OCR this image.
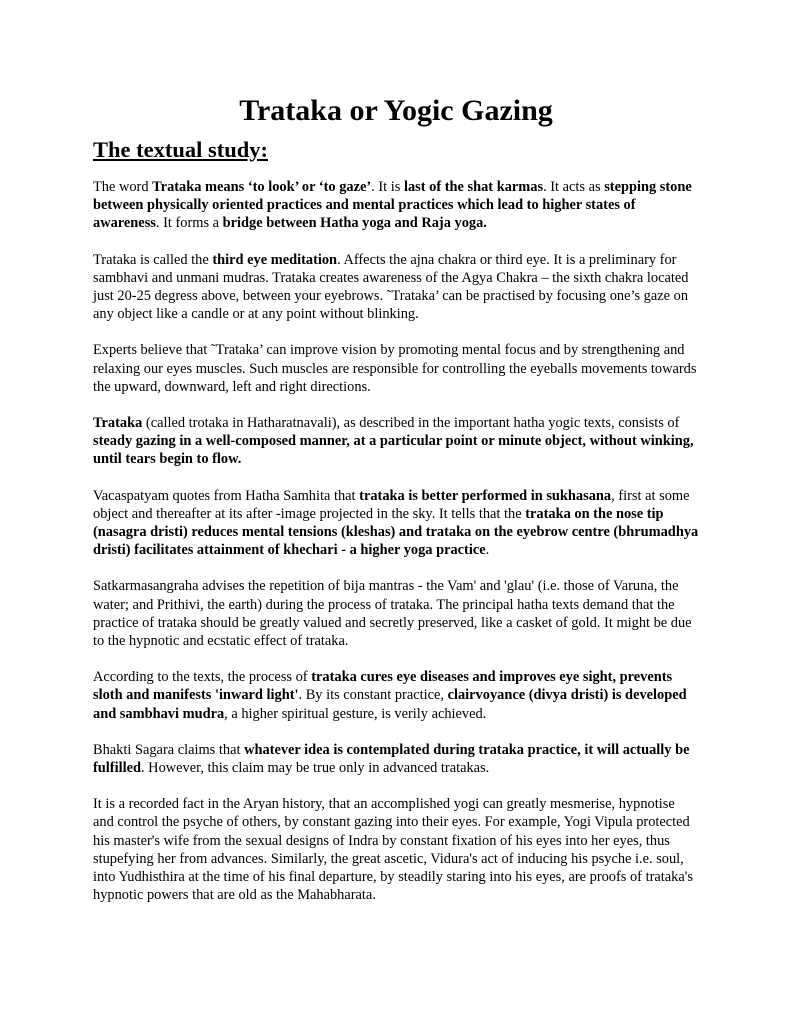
Trataka or Yogic Gazing
The textual study:

The word Trataka means ‘to look’ or ‘to gaze’. It is last of the shat karmas. It acts as stepping stone between physically oriented practices and mental practices which lead to higher states of awareness. It forms a bridge between Hatha yoga and Raja yoga.

Trataka is called the third eye meditation. Affects the ajna chakra or third eye. It is a preliminary for sambhavi and unmani mudras. Trataka creates awareness of the Agya Chakra – the sixth chakra located just 20-25 degress above, between your eyebrows. ˜Trataka’ can be practised by focusing one’s gaze on any object like a candle or at any point without blinking.

Experts believe that ˜Trataka’ can improve vision by promoting mental focus and by strengthening and relaxing our eyes muscles. Such muscles are responsible for controlling the eyeballs movements towards the upward, downward, left and right directions.

Trataka (called trotaka in Hatharatnavali), as described in the important hatha yogic texts, consists of steady gazing in a well-composed manner, at a particular point or minute object, without winking, until tears begin to flow.

Vacaspatyam quotes from Hatha Samhita that trataka is better performed in sukhasana, first at some object and thereafter at its after -image projected in the sky. It tells that the trataka on the nose tip (nasagra dristi) reduces mental tensions (kleshas) and trataka on the eyebrow centre (bhrumadhya dristi) facilitates attainment of khechari - a higher yoga practice.

Satkarmasangraha advises the repetition of bija mantras - the Vam' and 'glau' (i.e. those of Varuna, the water; and Prithivi, the earth) during the process of trataka. The principal hatha texts demand that the practice of trataka should be greatly valued and secretly preserved, like a casket of gold. It might be due to the hypnotic and ecstatic effect of trataka.

According to the texts, the process of trataka cures eye diseases and improves eye sight, prevents sloth and manifests 'inward light'. By its constant practice, clairvoyance (divya dristi) is developed and sambhavi mudra, a higher spiritual gesture, is verily achieved.

Bhakti Sagara claims that whatever idea is contemplated during trataka practice, it will actually be fulfilled. However, this claim may be true only in advanced tratakas.

It is a recorded fact in the Aryan history, that an accomplished yogi can greatly mesmerise, hypnotise and control the psyche of others, by constant gazing into their eyes. For example, Yogi Vipula protected his master's wife from the sexual designs of Indra by constant fixation of his eyes into her eyes, thus stupefying her from advances. Similarly, the great ascetic, Vidura's act of inducing his psyche i.e. soul, into Yudhisthira at the time of his final departure, by steadily staring into his eyes, are proofs of trataka's hypnotic powers that are old as the Mahabharata.
